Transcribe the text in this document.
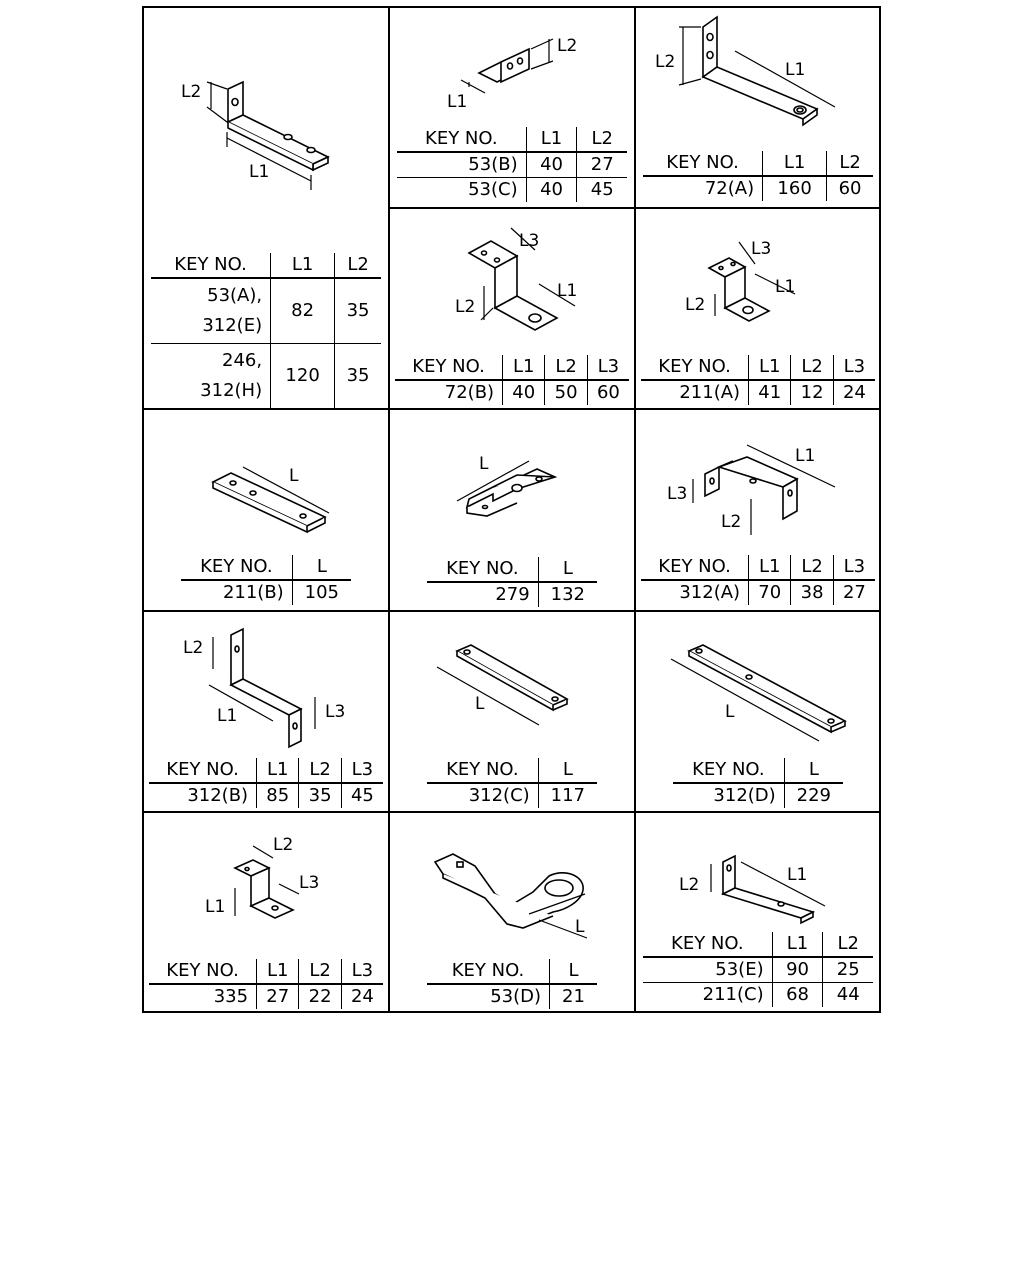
L2
L1
KEY NO.	L1	L2
53(A),
312(E)	82	35
246,
312(H)	120	35
L2
L1
KEY NO.	L1	L2
53(B)	40	27
53(C)	40	45
L2	L1
KEY NO.	L1	L2
72(A)	160	60
L2
L3
L1
KEY NO.	L1	L2	L3
72(B)	40	50	60
L2
L3
L1
KEY NO.	L1	L2	L3
211(A)	41	12	24
L
KEY NO.	L
211(B)	105
L
KEY NO.	L
279	132
L3
L1
L2
KEY NO.	L1	L2	L3
312(A)	70	38	27
L2
L1	L3
KEY NO.	L1	L2	L3
312(B)	85	35	45
L
KEY NO.	L
312(C)	117
L
KEY NO.	L
312(D)	229
L1
L2
L3
KEY NO.	L1	L2	L3
335	27	22	24
L
KEY NO.	L
53(D)	21
L2	L1
KEY NO.	L1	L2
53(E)	90	25
211(C)	68	44
